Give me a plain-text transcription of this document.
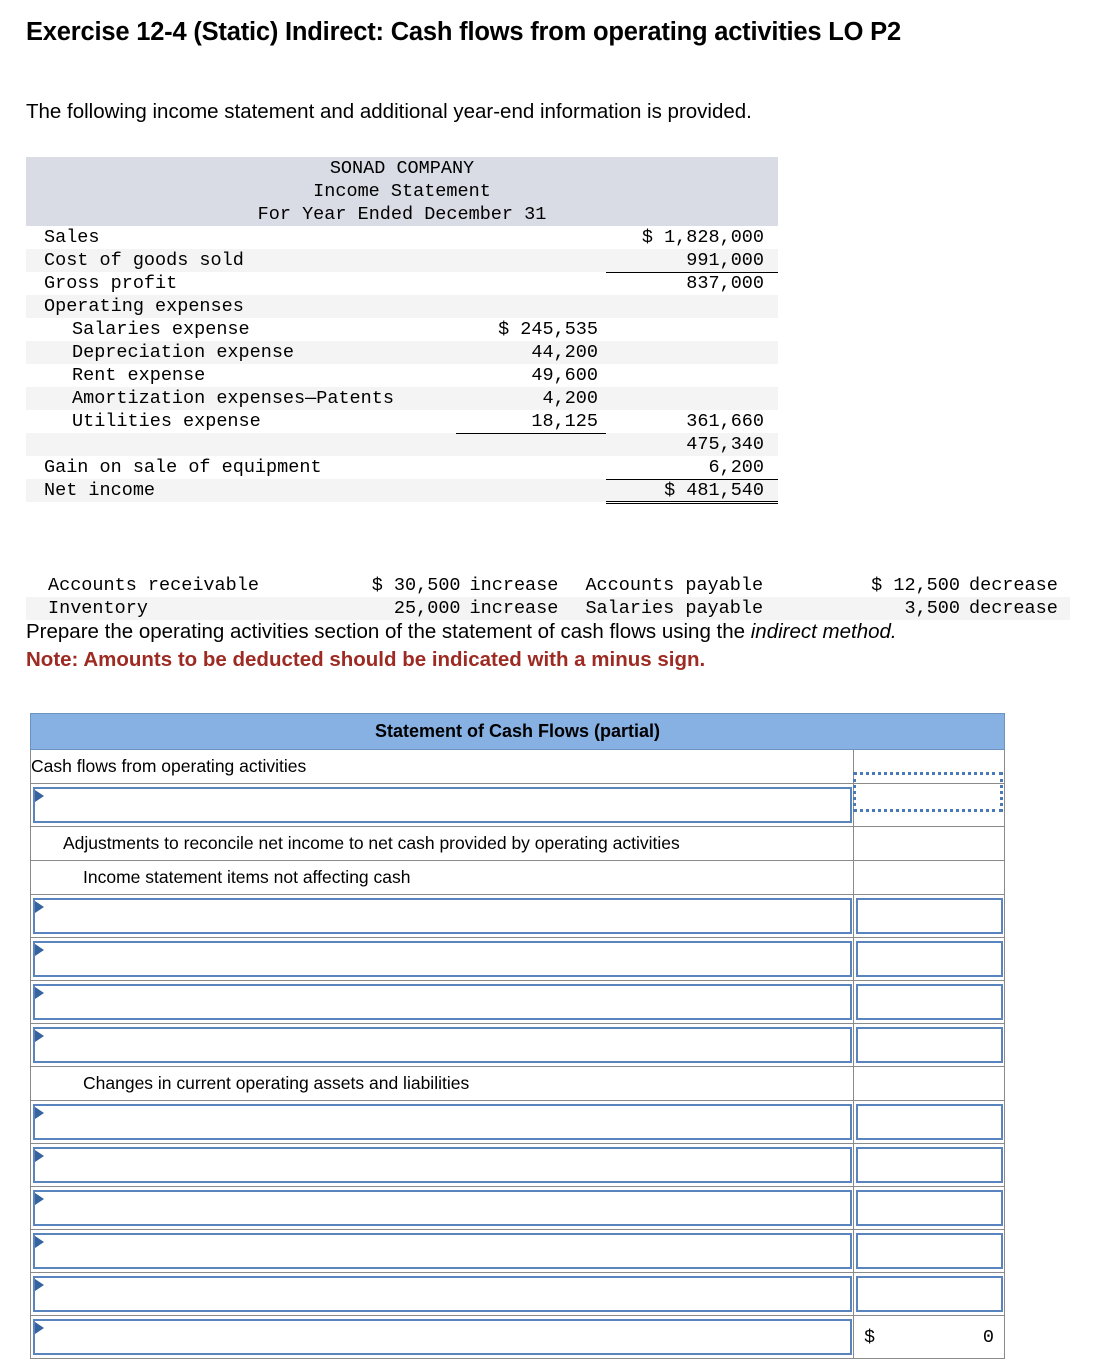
Exercise 12-4 (Static) Indirect: Cash flows from operating activities LO P2
The following income statement and additional year-end information is provided.
SONAD COMPANY		
Income Statement		
For Year Ended December 31		
Sales		$ 1,828,000
Cost of goods sold		991,000
Gross profit		837,000
Operating expenses		
Salaries expense	$ 245,535	
Depreciation expense	44,200	
Rent expense	49,600	
Amortization expenses—Patents	4,200	
Utilities expense	18,125	361,660
		475,340
Gain on sale of equipment		6,200
Net income		$ 481,540
Accounts receivable	$ 30,500	increase	Accounts payable	$ 12,500	decrease
Inventory	25,000	increase	Salaries payable	3,500	decrease
Prepare the operating activities section of the statement of cash flows using the indirect method.
Note: Amounts to be deducted should be indicated with a minus sign.
Statement of Cash Flows (partial)	
Cash flows from operating activities	

Adjustments to reconcile net income to net cash provided by operating activities	
Income statement items not affecting cash	

Changes in current operating assets and liabilities	

	$ 0
